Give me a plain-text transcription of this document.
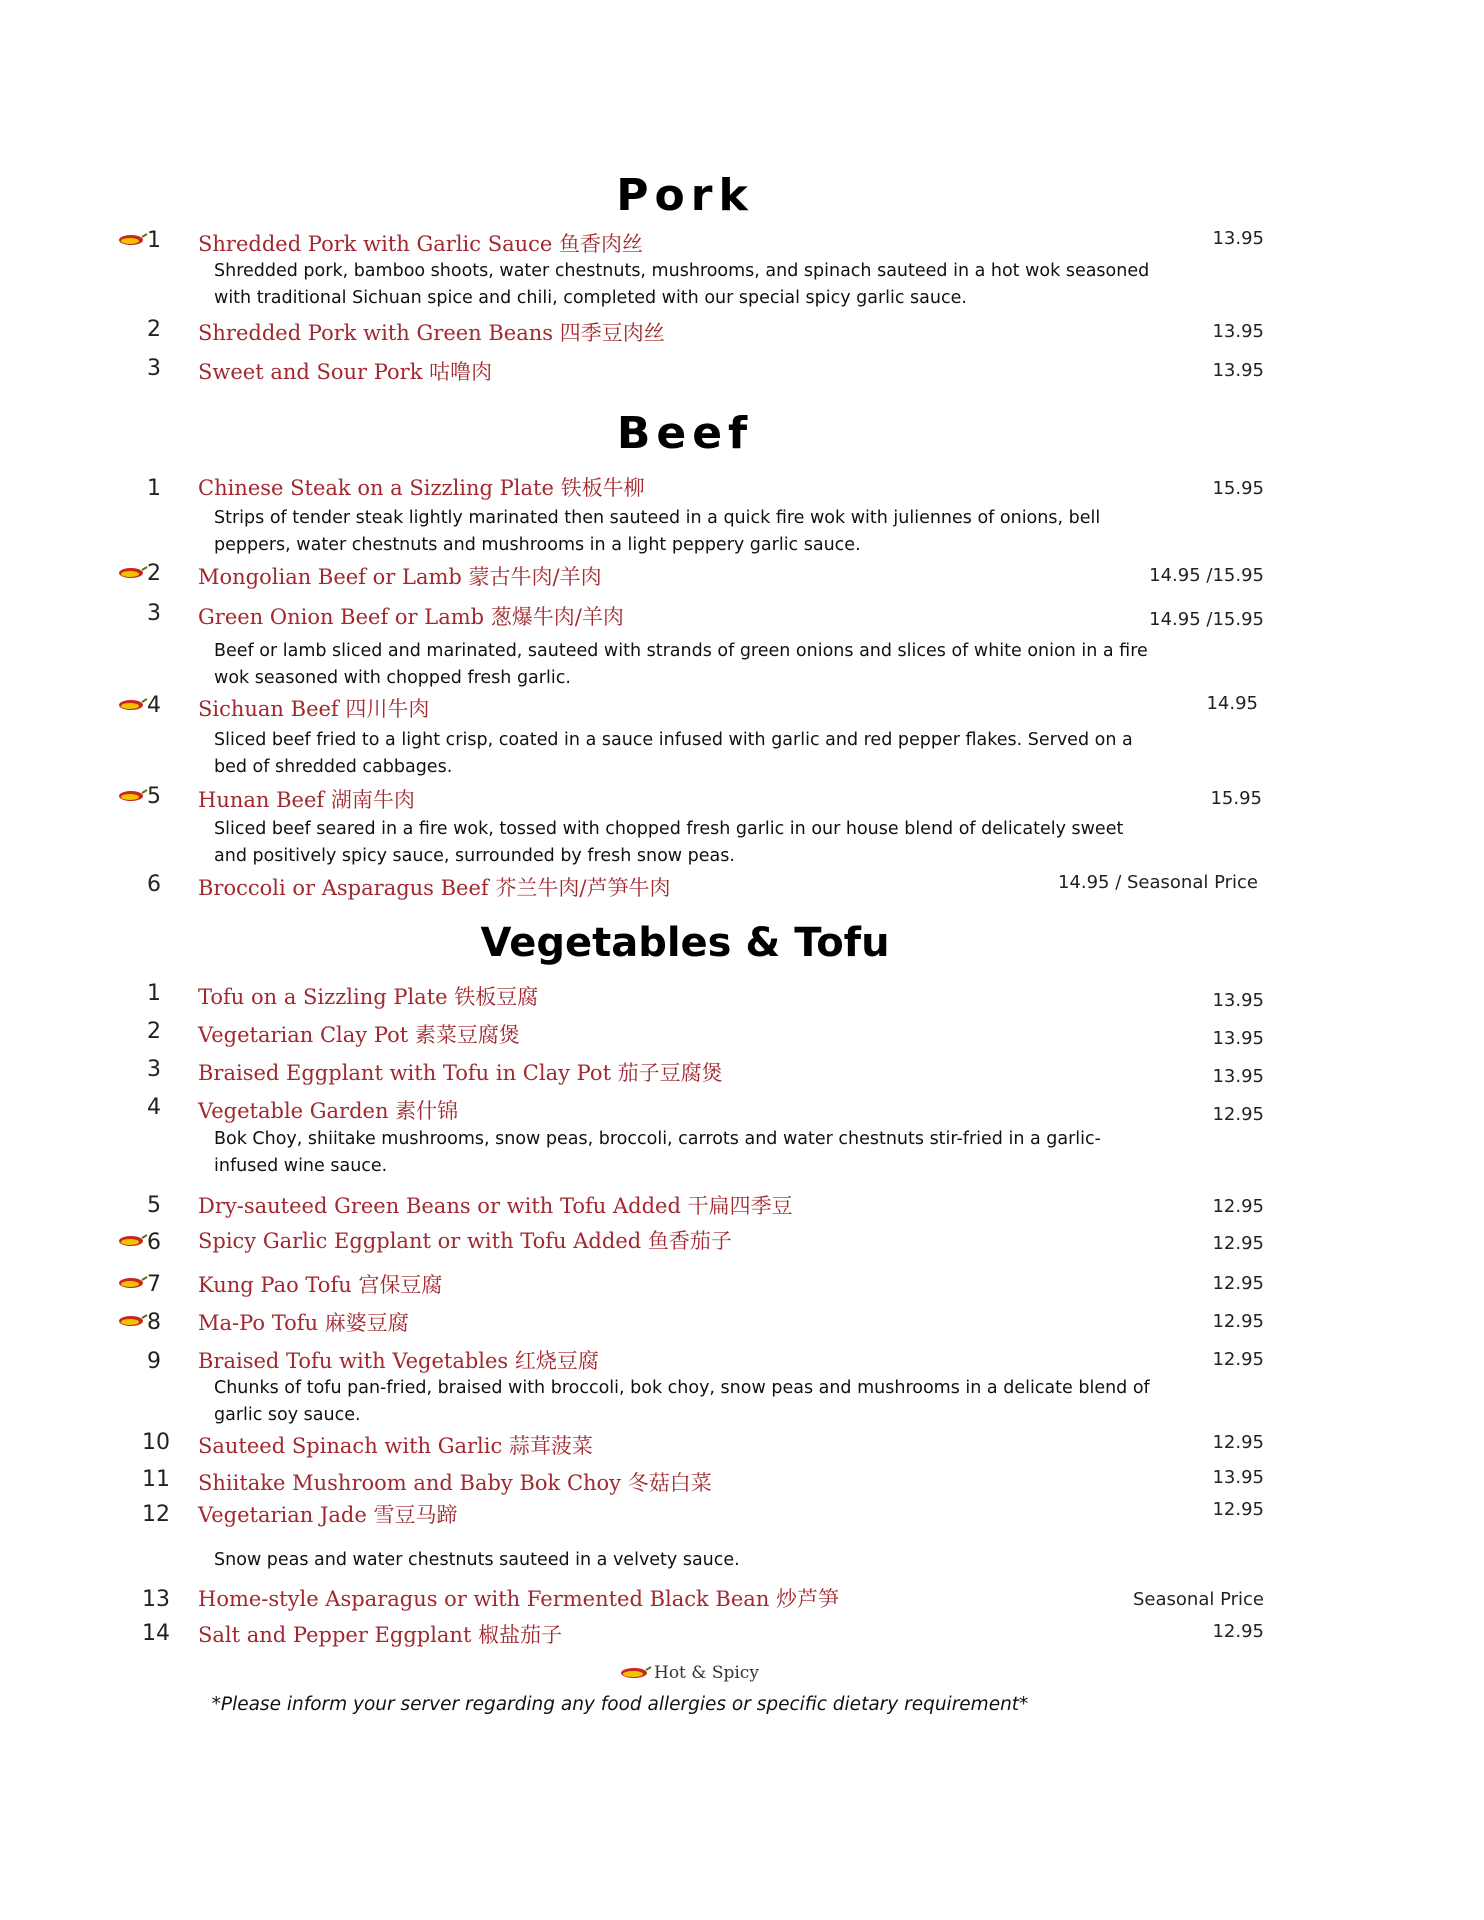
Pork
1 Shredded Pork with Garlic Sauce 鱼香肉丝	13.95
Shredded pork, bamboo shoots, water chestnuts, mushrooms, and spinach sauteed in a hot wok seasoned with traditional Sichuan spice and chili, completed with our special spicy garlic sauce.
2 Shredded Pork with Green Beans 四季豆肉丝	13.95
3 Sweet and Sour Pork 咕噜肉	13.95
Beef
1 Chinese Steak on a Sizzling Plate 铁板牛柳	15.95
Strips of tender steak lightly marinated then sauteed in a quick fire wok with juliennes of onions, bell peppers, water chestnuts and mushrooms in a light peppery garlic sauce.
2 Mongolian Beef or Lamb 蒙古牛肉/羊肉	14.95 /15.95
3 Green Onion Beef or Lamb 葱爆牛肉/羊肉	14.95 /15.95
Beef or lamb sliced and marinated, sauteed with strands of green onions and slices of white onion in a fire wok seasoned with chopped fresh garlic.
4 Sichuan Beef 四川牛肉	14.95
Sliced beef fried to a light crisp, coated in a sauce infused with garlic and red pepper flakes. Served on a bed of shredded cabbages.
5 Hunan Beef 湖南牛肉	15.95
Sliced beef seared in a fire wok, tossed with chopped fresh garlic in our house blend of delicately sweet and positively spicy sauce, surrounded by fresh snow peas.
6 Broccoli or Asparagus Beef 芥兰牛肉/芦笋牛肉	14.95 / Seasonal Price
Vegetables & Tofu
1 Tofu on a Sizzling Plate 铁板豆腐	13.95
2 Vegetarian Clay Pot 素菜豆腐煲	13.95
3 Braised Eggplant with Tofu in Clay Pot 茄子豆腐煲	13.95
4 Vegetable Garden 素什锦	12.95
Bok Choy, shiitake mushrooms, snow peas, broccoli, carrots and water chestnuts stir-fried in a garlic-infused wine sauce.
5 Dry-sauteed Green Beans or with Tofu Added 干扁四季豆	12.95
6 Spicy Garlic Eggplant or with Tofu Added 鱼香茄子	12.95
7 Kung Pao Tofu 宫保豆腐	12.95
8 Ma-Po Tofu 麻婆豆腐	12.95
9 Braised Tofu with Vegetables 红烧豆腐	12.95
Chunks of tofu pan-fried, braised with broccoli, bok choy, snow peas and mushrooms in a delicate blend of garlic soy sauce.
10 Sauteed Spinach with Garlic 蒜茸菠菜	12.95
11 Shiitake Mushroom and Baby Bok Choy 冬菇白菜	13.95
12 Vegetarian Jade 雪豆马蹄	12.95
Snow peas and water chestnuts sauteed in a velvety sauce.
13 Home-style Asparagus or with Fermented Black Bean 炒芦笋	Seasonal Price
14 Salt and Pepper Eggplant 椒盐茄子	12.95
Hot & Spicy
*Please inform your server regarding any food allergies or specific dietary requirement*
